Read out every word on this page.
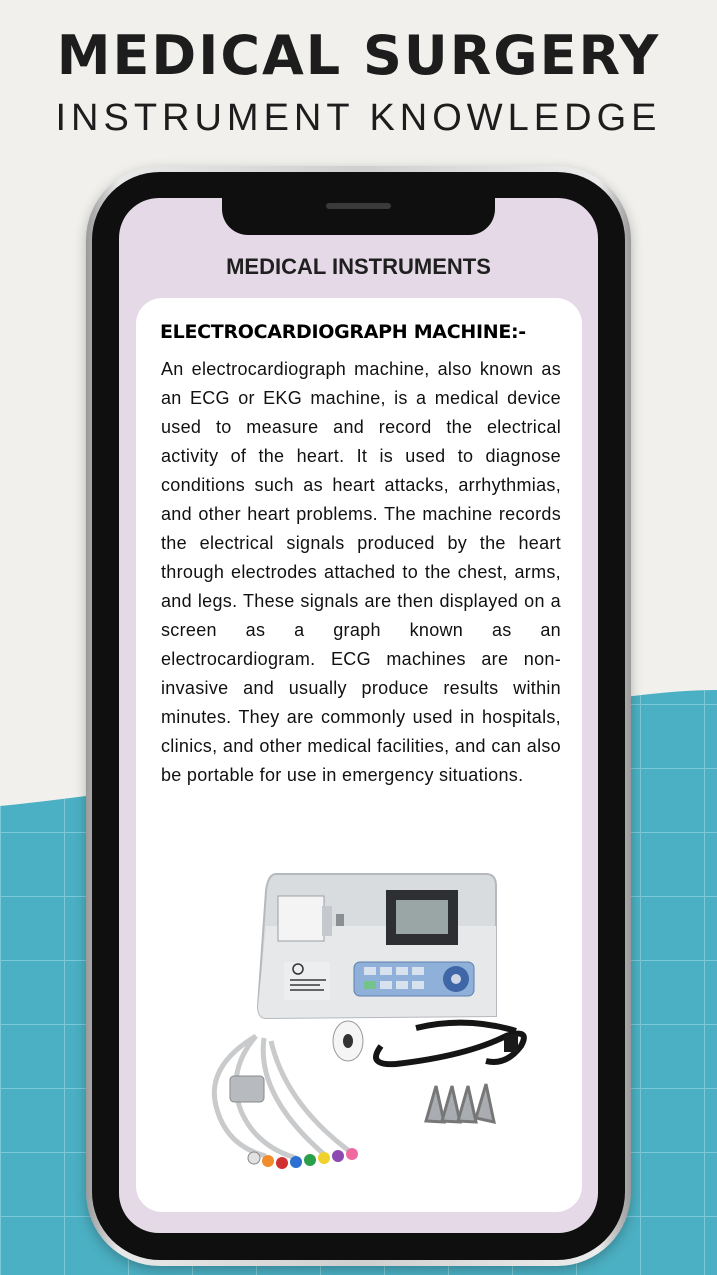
MEDICAL SURGERY
INSTRUMENT KNOWLEDGE
MEDICAL INSTRUMENTS
ELECTROCARDIOGRAPH MACHINE:-
An electrocardiograph machine, also known as an ECG or EKG machine, is a medical device used to measure and record the electrical activity of the heart. It is used to diagnose conditions such as heart attacks, arrhythmias, and other heart problems. The machine records the electrical signals produced by the heart through electrodes attached to the chest, arms, and legs. These signals are then displayed on a screen as a graph known as an electrocardiogram. ECG machines are non-invasive and usually produce results within minutes. They are commonly used in hospitals, clinics, and other medical facilities, and can also be portable for use in emergency situations.
